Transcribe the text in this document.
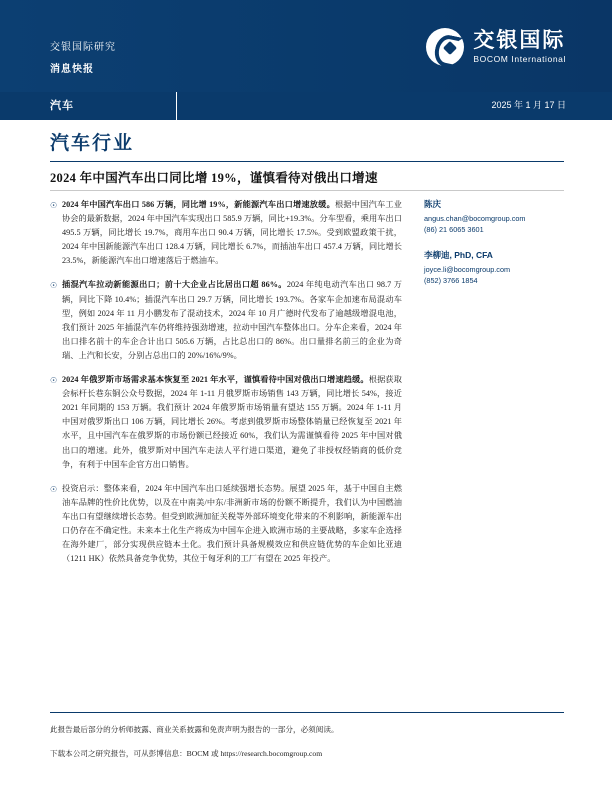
交银国际研究
消息快报
交银国际
BOCOM International
汽车	2025 年 1 月 17 日
汽车行业
2024 年中国汽车出口同比增 19%，谨慎看待对俄出口增速
☉ 2024 年中国汽车出口 586 万辆，同比增 19%，新能源汽车出口增速放缓。根据中国汽车工业协会的最新数据，2024 年中国汽车实现出口 585.9 万辆，同比+19.3%。分车型看，乘用车出口 495.5 万辆，同比增长 19.7%，商用车出口 90.4 万辆，同比增长 17.5%。受到欧盟政策干扰，2024 年中国新能源汽车出口 128.4 万辆，同比增长 6.7%，而插油车出口 457.4 万辆，同比增长 23.5%，新能源汽车出口增速落后于燃油车。
☉ 插混汽车拉动新能源出口；前十大企业占比居出口超 86%。2024 年纯电动汽车出口 98.7 万辆，同比下降 10.4%；插混汽车出口 29.7 万辆，同比增长 193.7%。各家车企加速布局混动车型，例如 2024 年 11 月小鹏发布了混动技术，2024 年 10 月广德时代发布了逾越级增混电池，我们预计 2025 年插混汽车仍将维持强劲增速，拉动中国汽车整体出口。分车企来看，2024 年出口排名前十的车企合计出口 505.6 万辆，占比总出口的 86%。出口量排名前三的企业为奇瑞、上汽和长安，分别占总出口的 20%/16%/9%。
☉ 2024 年俄罗斯市场需求基本恢复至 2021 年水平，谨慎看待中国对俄出口增速趋缓。根据获取会标杆长巷东铜公众号数据，2024 年 1-11 月俄罗斯市场销售 143 万辆，同比增长 54%，接近 2021 年同期的 153 万辆。我们预计 2024 年俄罗斯市场销量有望达 155 万辆。2024 年 1-11 月中国对俄罗斯出口 106 万辆，同比增长 26%。考虑到俄罗斯市场整体销量已经恢复至 2021 年水平，且中国汽车在俄罗斯的市场份额已经接近 60%，我们认为需谨慎看待 2025 年中国对俄出口的增速。此外，俄罗斯对中国汽车走法人平行进口渠道，避免了非授权经销商的低价竞争，有利于中国车企官方出口销售。
☉ 投资启示：整体来看，2024 年中国汽车出口延续强增长态势。展望 2025 年，基于中国自主燃油车品牌的性价比优势，以及在中南美/中东/非洲新市场的份额不断提升，我们认为中国燃油车出口有望继续增长态势。但受到欧洲加征关税等外部环境变化带来的不利影响，新能源车出口仍存在不确定性。未来本土化生产将成为中国车企进入欧洲市场的主要战略，多家车企选择在海外建厂，部分实现供应链本土化。我们预计具备规模效应和供应链优势的车企如比亚迪（1211 HK）依然具备竞争优势，其位于匈牙利的工厂有望在 2025 年投产。
陈庆
angus.chan@bocomgroup.com
(86) 21 6065 3601
李柳迪, PhD, CFA
joyce.li@bocomgroup.com
(852) 3766 1854
此报告最后部分的分析师披露、商业关系披露和免责声明为报告的一部分，必须阅读。
下载本公司之研究报告，可从彭博信息：BOCM 或 https://research.bocomgroup.com
